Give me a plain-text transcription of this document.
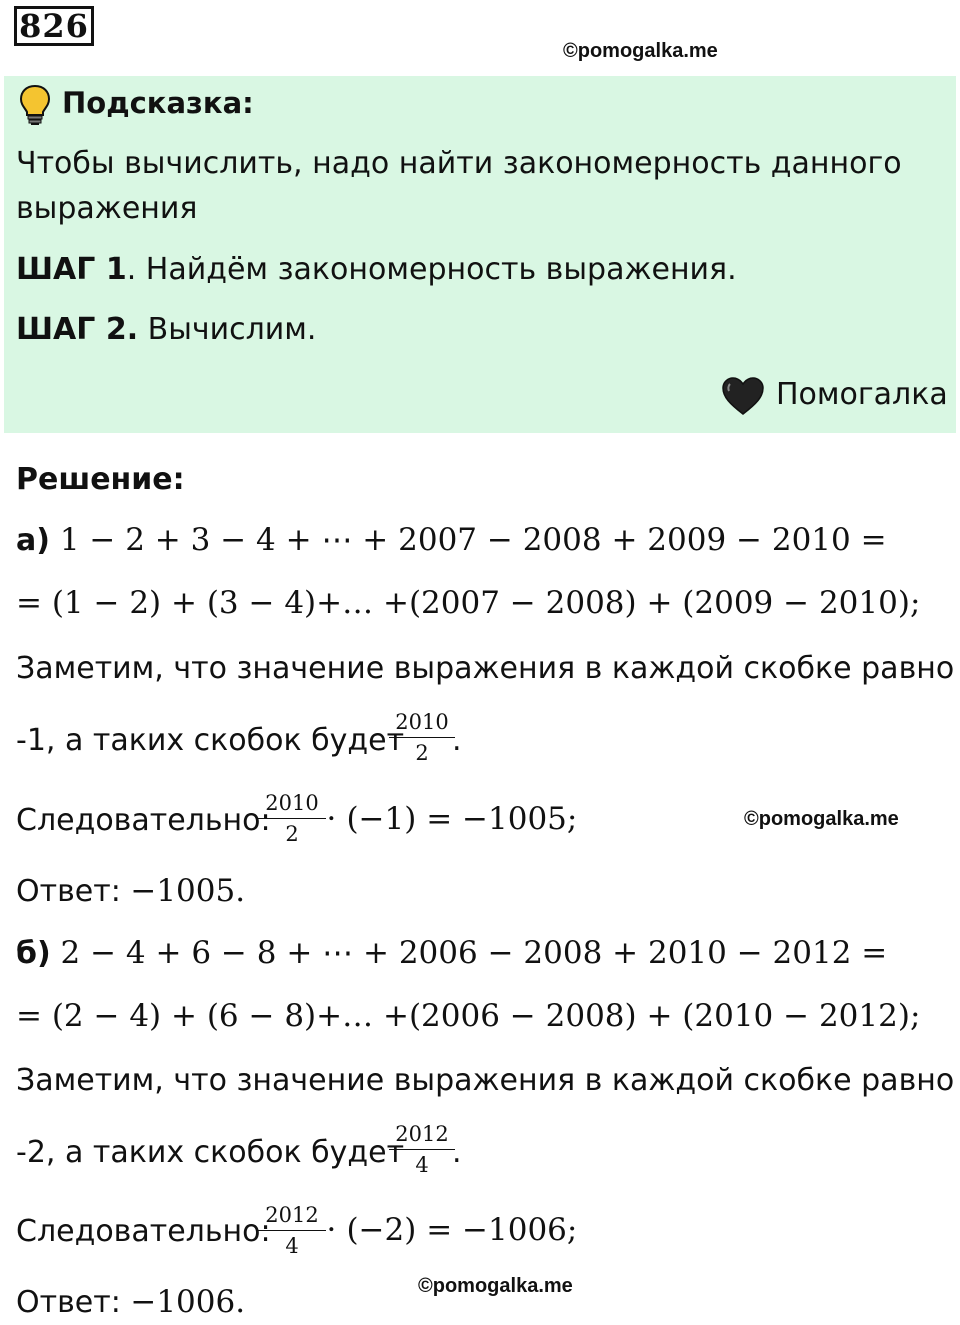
826
©pomogalka.me
Подсказка:
Чтобы вычислить, надо найти закономерность данного
выражения
ШАГ 1. Найдём закономерность выражения.
ШАГ 2. Вычислим.
Помогалка
Решение:
а) 1 − 2 + 3 − 4 + ⋯ + 2007 − 2008 + 2009 − 2010 =
= (1 − 2) + (3 − 4)+… +(2007 − 2008) + (2009 − 2010);
Заметим, что значение выражения в каждой скобке равно
-1, а таких скобок будет
2010
2 .
Следовательно:
2010
2 ⋅ (−1) = −1005;	©pomogalka.me
Ответ: −1005.
б) 2 − 4 + 6 − 8 + ⋯ + 2006 − 2008 + 2010 − 2012 =
= (2 − 4) + (6 − 8)+… +(2006 − 2008) + (2010 − 2012);
Заметим, что значение выражения в каждой скобке равно
-2, а таких скобок будет
2012
4 .
Следовательно:
2012
4 ⋅ (−2) = −1006;
©pomogalka.me
Ответ: −1006.
